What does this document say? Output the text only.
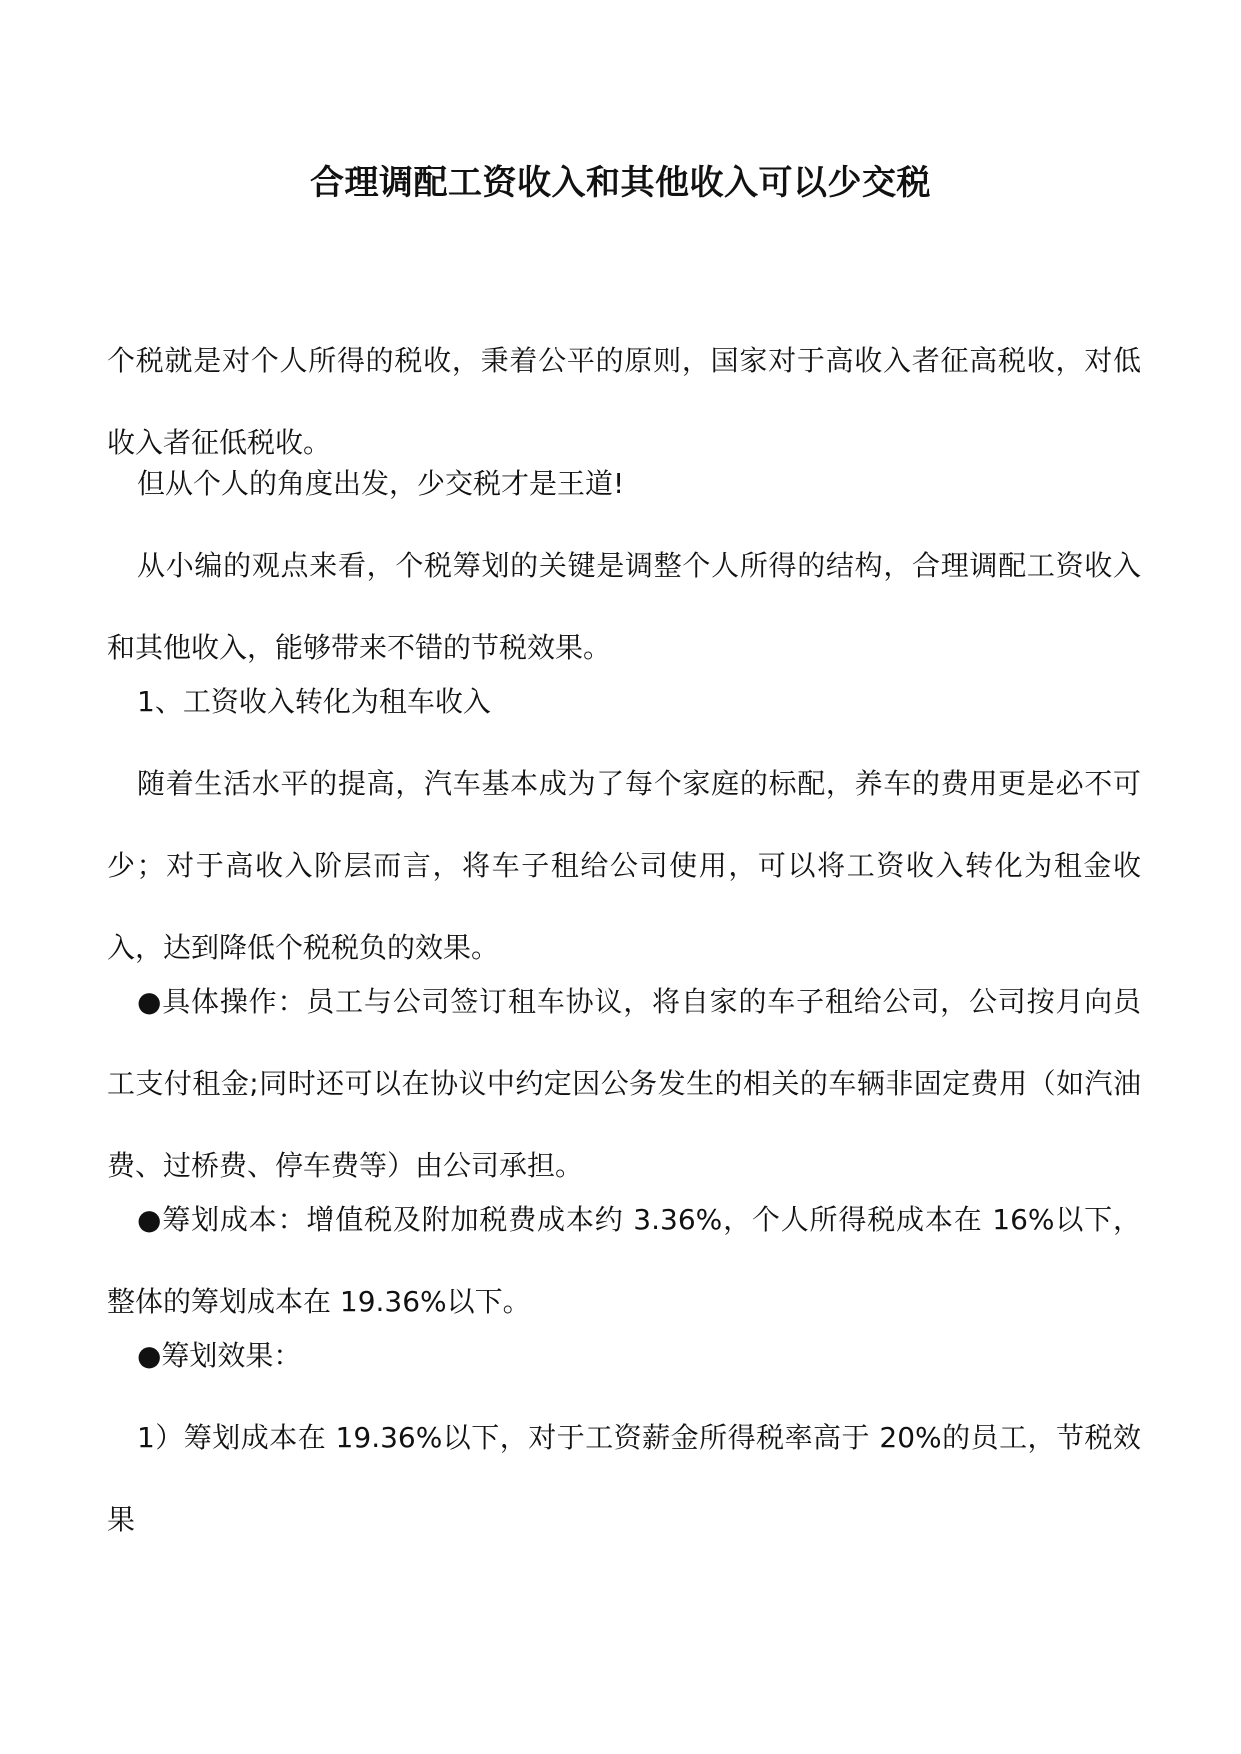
合理调配工资收入和其他收入可以少交税

个税就是对个人所得的税收，秉着公平的原则，国家对于高收入者征高税收，对低收入者征低税收。

但从个人的角度出发，少交税才是王道!

从小编的观点来看，个税筹划的关键是调整个人所得的结构，合理调配工资收入和其他收入，能够带来不错的节税效果。

1、工资收入转化为租车收入

随着生活水平的提高，汽车基本成为了每个家庭的标配，养车的费用更是必不可少；对于高收入阶层而言，将车子租给公司使用，可以将工资收入转化为租金收入，达到降低个税税负的效果。

●具体操作：员工与公司签订租车协议，将自家的车子租给公司，公司按月向员工支付租金;同时还可以在协议中约定因公务发生的相关的车辆非固定费用（如汽油费、过桥费、停车费等）由公司承担。

●筹划成本：增值税及附加税费成本约 3.36%，个人所得税成本在 16%以下，整体的筹划成本在 19.36%以下。

●筹划效果：

1）筹划成本在 19.36%以下，对于工资薪金所得税率高于 20%的员工，节税效果
